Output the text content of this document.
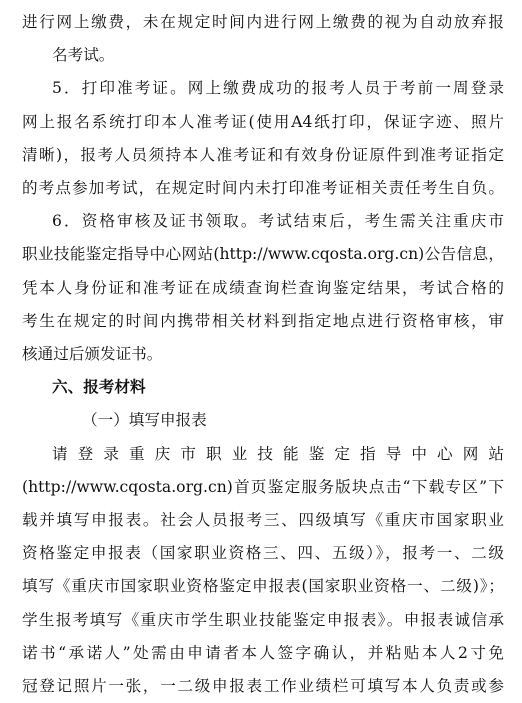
进行网上缴费，未在规定时间内进行网上缴费的视为自动放弃报
名考试。
5．打印准考证。网上缴费成功的报考人员于考前一周登录
网上报名系统打印本人准考证(使用A4纸打印，保证字迹、照片
清晰)，报考人员须持本人准考证和有效身份证原件到准考证指定
的考点参加考试，在规定时间内未打印准考证相关责任考生自负。
6．资格审核及证书领取。考试结束后，考生需关注重庆市
职业技能鉴定指导中心网站(http://www.cqosta.org.cn)公告信息，
凭本人身份证和准考证在成绩查询栏查询鉴定结果，考试合格的
考生在规定的时间内携带相关材料到指定地点进行资格审核，审
核通过后颁发证书。
六、报考材料
（一）填写申报表
请登录重庆市职业技能鉴定指导中心网站
(http://www.cqosta.org.cn)首页鉴定服务版块点击“下载专区”下
载并填写申报表。社会人员报考三、四级填写《重庆市国家职业
资格鉴定申报表（国家职业资格三、四、五级）》，报考一、二级
填写《重庆市国家职业资格鉴定申报表(国家职业资格一、二级)》；
学生报考填写《重庆市学生职业技能鉴定申报表》。申报表诚信承
诺书“承诺人”处需由申请者本人签字确认，并粘贴本人2寸免
冠登记照片一张，一二级申报表工作业绩栏可填写本人负责或参
